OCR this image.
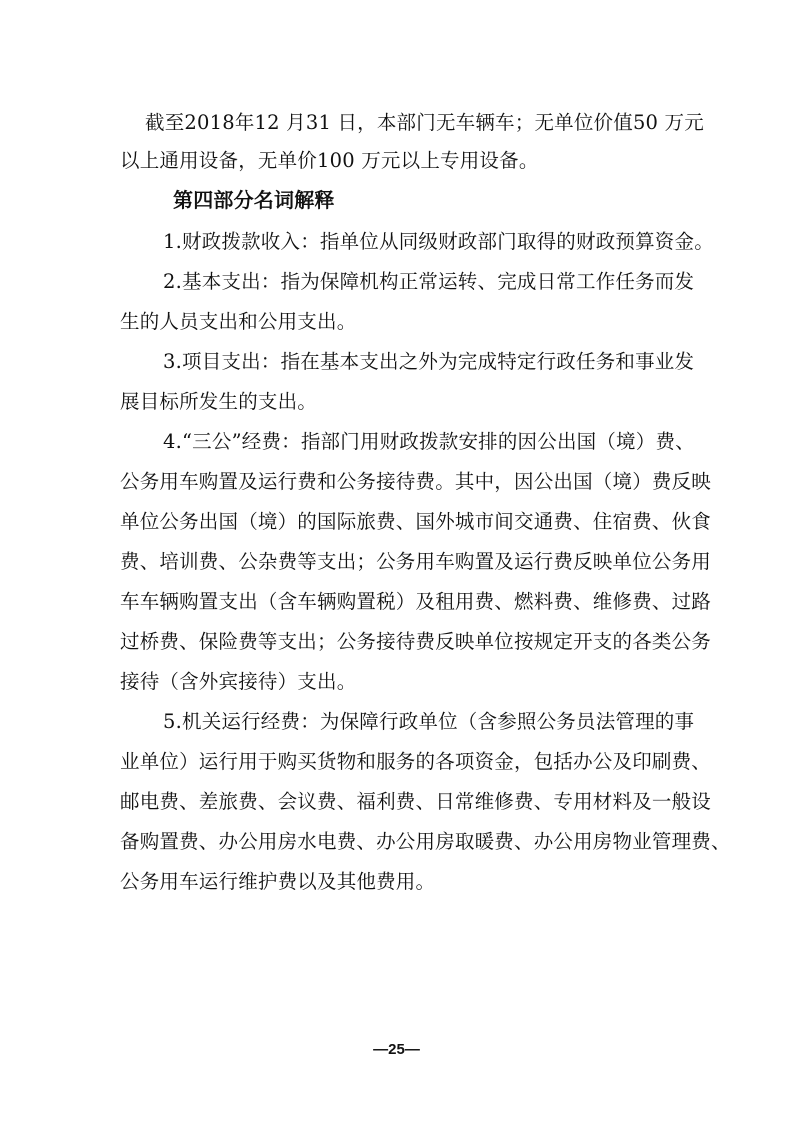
截至2018年12 月31 日，本部门无车辆车；无单位价值50 万元
以上通用设备，无单价100 万元以上专用设备。
第四部分名词解释
1.财政拨款收入：指单位从同级财政部门取得的财政预算资金。
2.基本支出：指为保障机构正常运转、完成日常工作任务而发
生的人员支出和公用支出。
3.项目支出：指在基本支出之外为完成特定行政任务和事业发
展目标所发生的支出。
4.“三公”经费：指部门用财政拨款安排的因公出国（境）费、
公务用车购置及运行费和公务接待费。其中，因公出国（境）费反映
单位公务出国（境）的国际旅费、国外城市间交通费、住宿费、伙食
费、培训费、公杂费等支出；公务用车购置及运行费反映单位公务用
车车辆购置支出（含车辆购置税）及租用费、燃料费、维修费、过路
过桥费、保险费等支出；公务接待费反映单位按规定开支的各类公务
接待（含外宾接待）支出。
5.机关运行经费：为保障行政单位（含参照公务员法管理的事
业单位）运行用于购买货物和服务的各项资金，包括办公及印刷费、
邮电费、差旅费、会议费、福利费、日常维修费、专用材料及一般设
备购置费、办公用房水电费、办公用房取暖费、办公用房物业管理费、
公务用车运行维护费以及其他费用。
—25—
